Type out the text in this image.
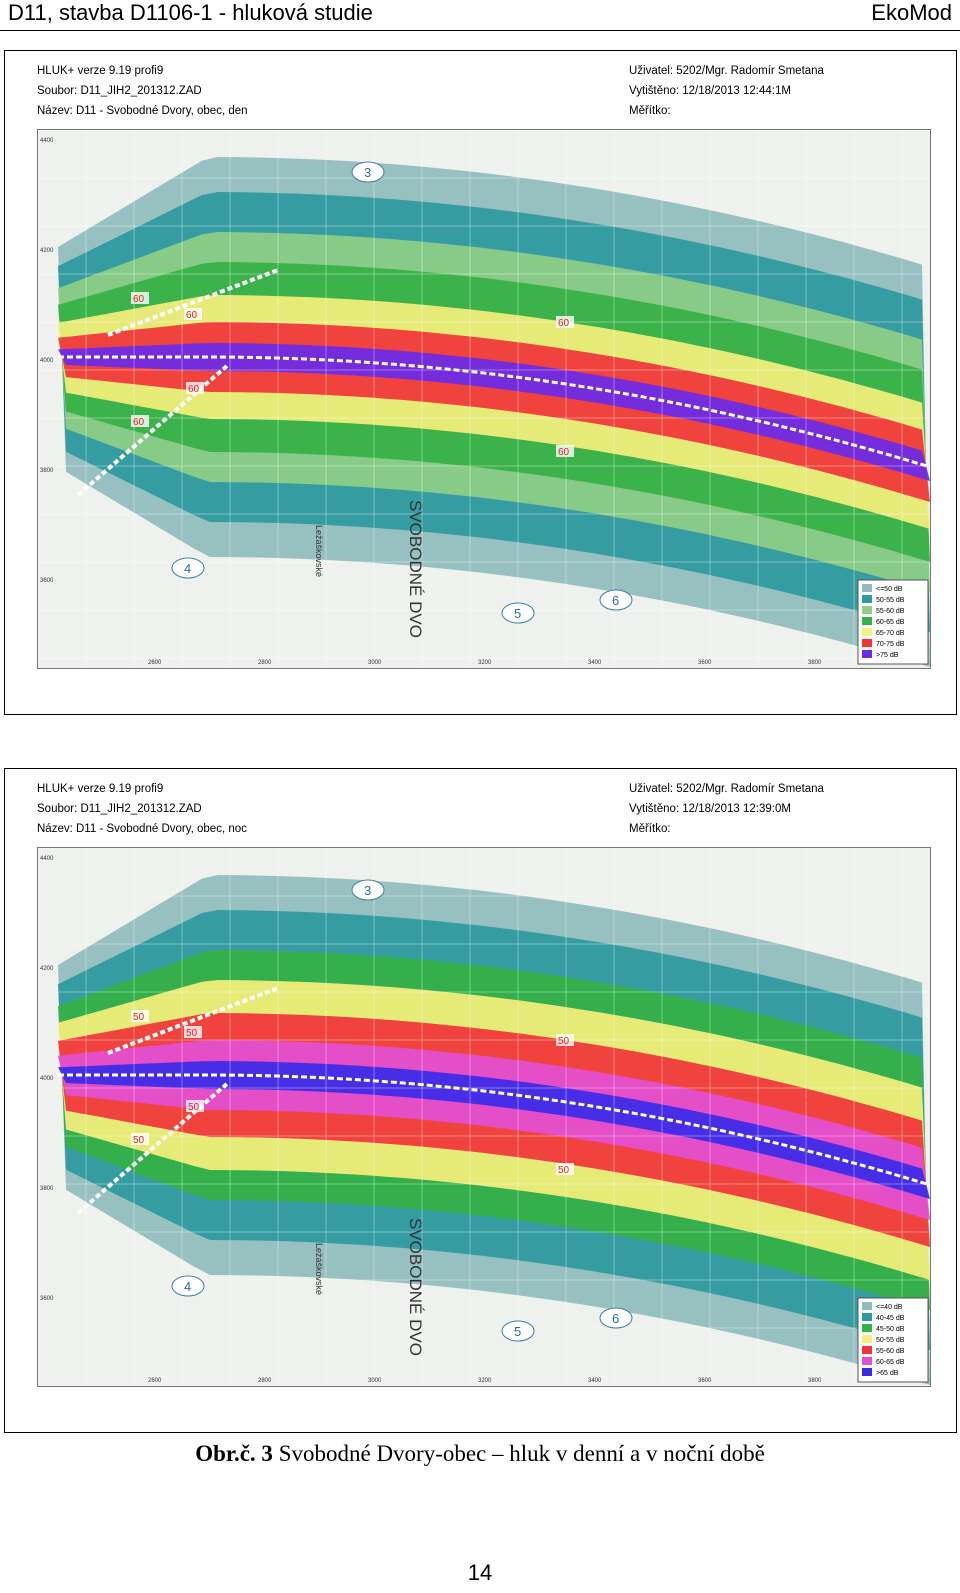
D11, stavba D1106-1 - hluková studie	EkoMod
HLUK+ verze 9.19 profi9
Soubor: D11_JIH2_201312.ZAD
Název: D11 - Svobodné Dvory, obec, den
Uživatel: 5202/Mgr. Radomír Smetana
Vytištěno: 12/18/2013 12:44:1M
Měřítko:
2600	2800	3000	3200	3400	3600	3800
4400
4200
4000
3800
3600
60
60
60
60
60
60
3
4
5
6
SVOBODNÉ DVO
Ležáškovské
<=50 dB
50-55 dB
55-60 dB
60-65 dB
65-70 dB
70-75 dB
>75 dB
HLUK+ verze 9.19 profi9
Soubor: D11_JIH2_201312.ZAD
Název: D11 - Svobodné Dvory, obec, noc
Uživatel: 5202/Mgr. Radomír Smetana
Vytištěno: 12/18/2013 12:39:0M
Měřítko:
2600	2800	3000	3200	3400	3600	3800
4400
4200
4000
3800
3600
50
50
50
50
50
50
3
4
5
6
SVOBODNÉ DVO
Ležáškovské
<=40 dB
40-45 dB
45-50 dB
50-55 dB
55-60 dB
60-65 dB
>65 dB
Obr.č. 3 Svobodné Dvory-obec – hluk v denní a v noční době
14
